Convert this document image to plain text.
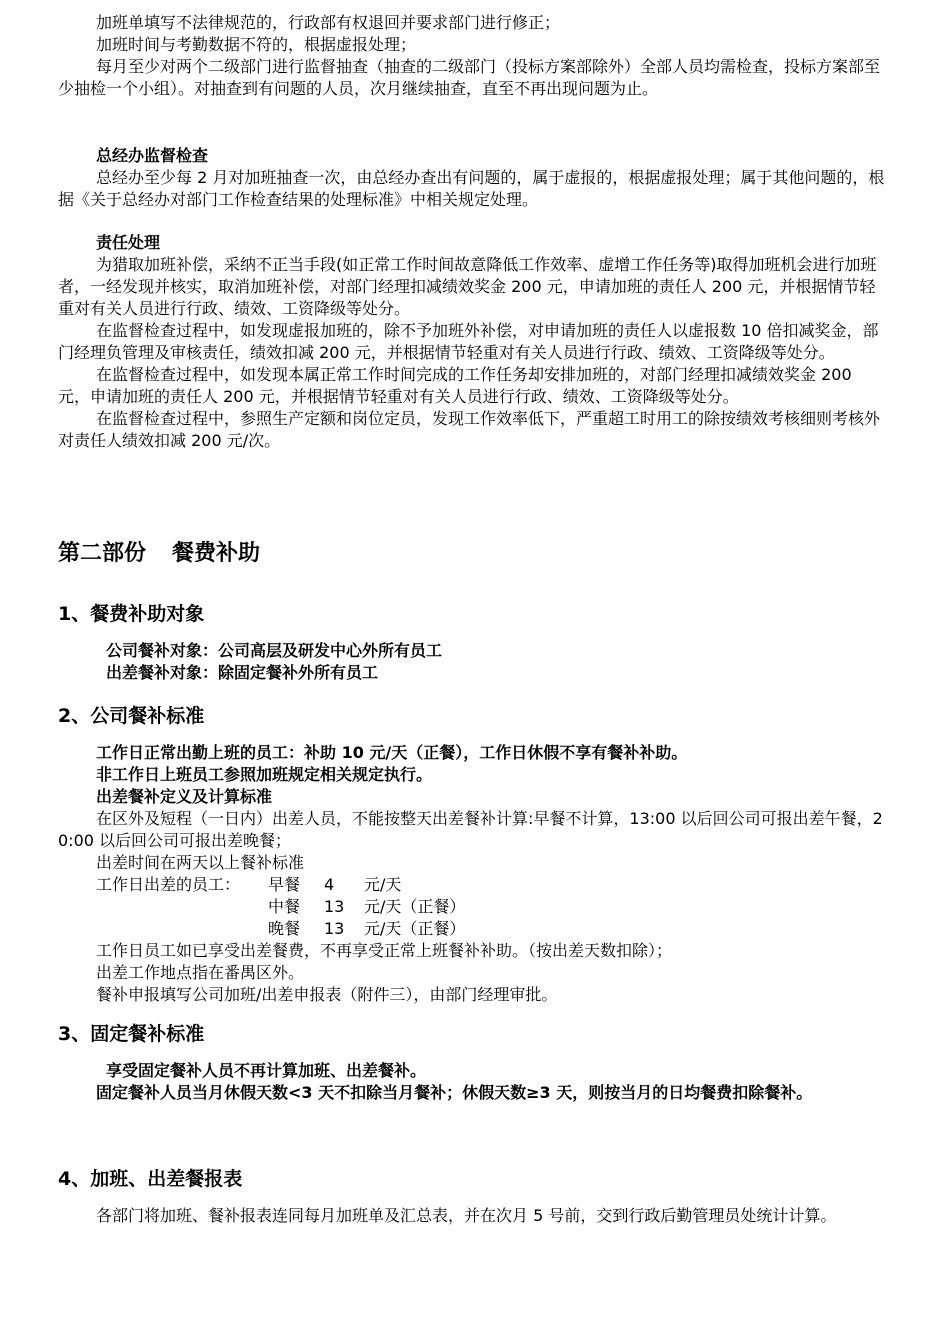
加班单填写不法律规范的，行政部有权退回并要求部门进行修正；

加班时间与考勤数据不符的，根据虚报处理；

每月至少对两个二级部门进行监督抽查（抽查的二级部门（投标方案部除外）全部人员均需检查，投标方案部至少抽检一个小组）。对抽查到有问题的人员，次月继续抽查，直至不再出现问题为止。

总经办监督检查

总经办至少每 2 月对加班抽查一次，由总经办查出有问题的，属于虚报的，根据虚报处理；属于其他问题的，根据《关于总经办对部门工作检查结果的处理标准》中相关规定处理。

责任处理

为猎取加班补偿，采纳不正当手段(如正常工作时间故意降低工作效率、虚增工作任务等)取得加班机会进行加班者，一经发现并核实，取消加班补偿，对部门经理扣减绩效奖金 200 元，申请加班的责任人 200 元，并根据情节轻重对有关人员进行行政、绩效、工资降级等处分。

在监督检查过程中，如发现虚报加班的，除不予加班外补偿，对申请加班的责任人以虚报数 10 倍扣减奖金，部门经理负管理及审核责任，绩效扣减 200 元，并根据情节轻重对有关人员进行行政、绩效、工资降级等处分。

在监督检查过程中，如发现本属正常工作时间完成的工作任务却安排加班的，对部门经理扣减绩效奖金 200 元，申请加班的责任人 200 元，并根据情节轻重对有关人员进行行政、绩效、工资降级等处分。

在监督检查过程中，参照生产定额和岗位定员，发现工作效率低下，严重超工时用工的除按绩效考核细则考核外对责任人绩效扣减 200 元/次。

第二部份 餐费补助
1、餐费补助对象
公司餐补对象：公司高层及研发中心外所有员工
出差餐补对象：除固定餐补外所有员工
2、公司餐补标准
工作日正常出勤上班的员工：补助 10 元/天（正餐），工作日休假不享有餐补补助。
非工作日上班员工参照加班规定相关规定执行。
出差餐补定义及计算标准

在区外及短程（一日内）出差人员，不能按整天出差餐补计算:早餐不计算，13:00 以后回公司可报出差午餐，20:00 以后回公司可报出差晚餐；

出差时间在两天以上餐补标准
工作日出差的员工： 早餐 4 元/天
中餐 13 元/天（正餐）
晚餐 13 元/天（正餐）
工作日员工如已享受出差餐费，不再享受正常上班餐补补助。（按出差天数扣除）；
出差工作地点指在番禺区外。
餐补申报填写公司加班/出差申报表（附件三），由部门经理审批。
3、固定餐补标准
享受固定餐补人员不再计算加班、出差餐补。

固定餐补人员当月休假天数<3 天不扣除当月餐补；休假天数≥3 天，则按当月的日均餐费扣除餐补。

4、加班、出差餐报表

各部门将加班、餐补报表连同每月加班单及汇总表，并在次月 5 号前，交到行政后勤管理员处统计计算。
